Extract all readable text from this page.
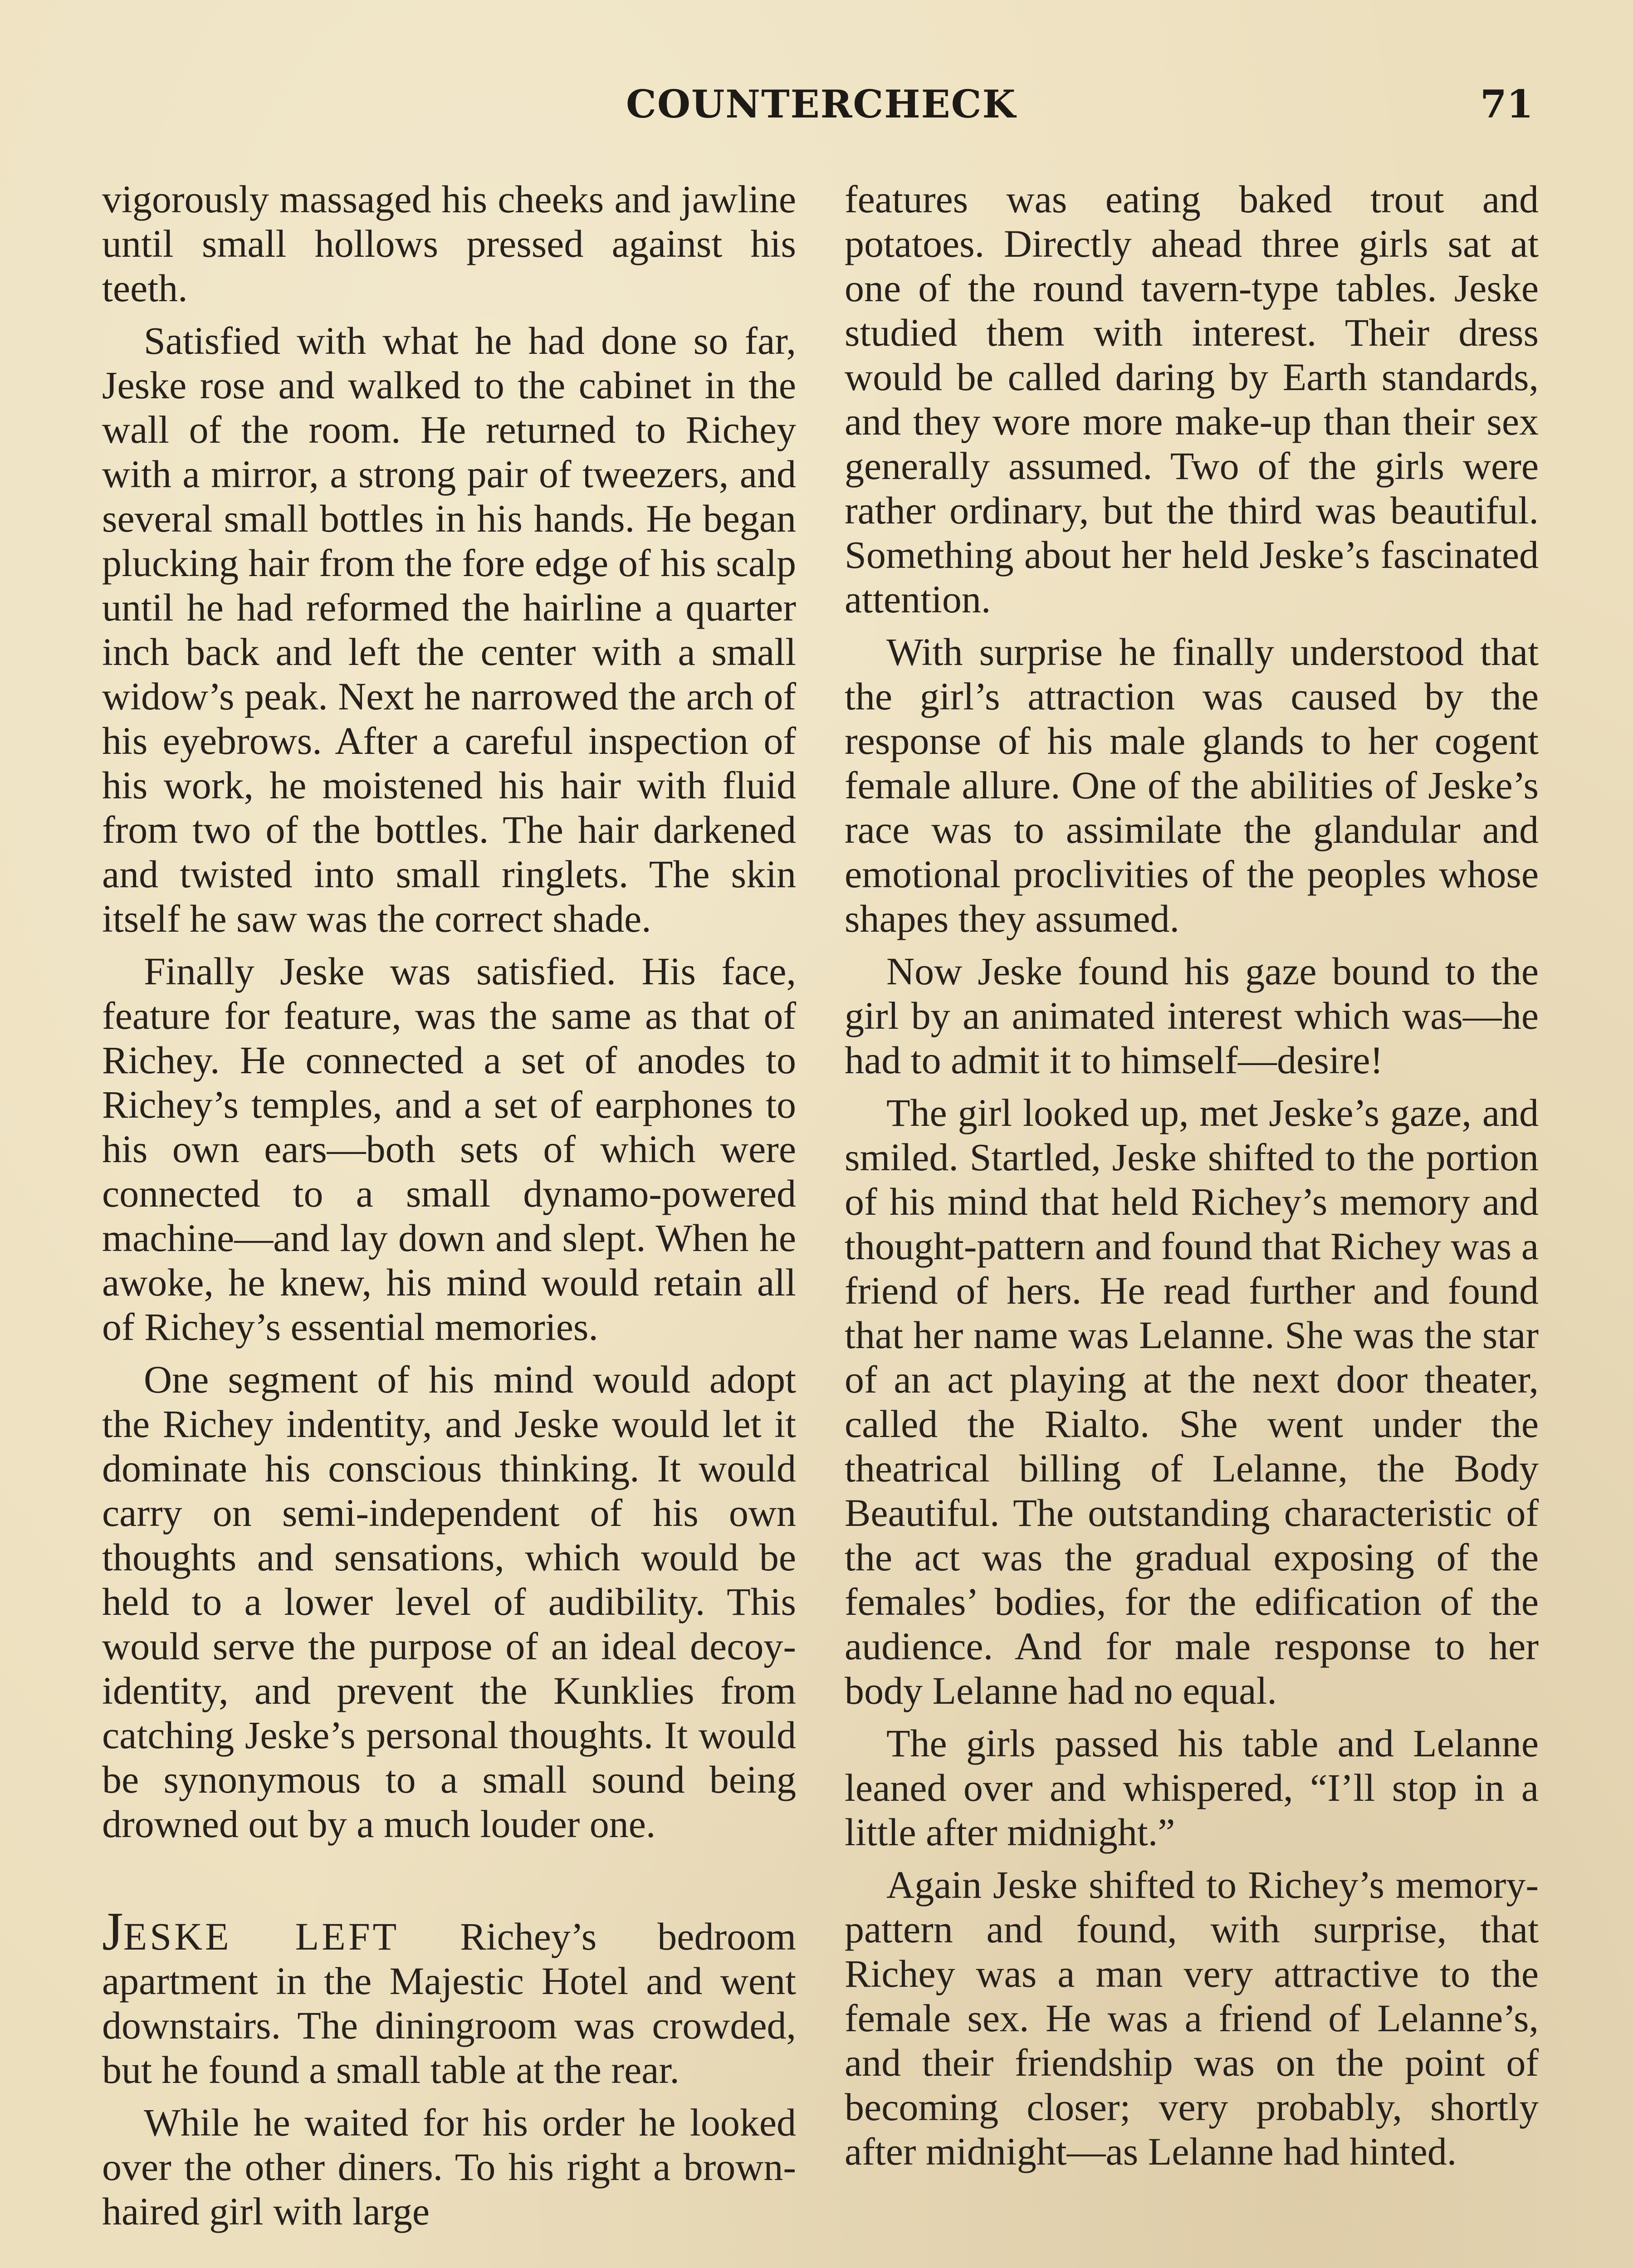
COUNTERCHECK	71

vigorously massaged his cheeks and jawline until small hollows pressed against his teeth.

Satisfied with what he had done so far, Jeske rose and walked to the cabinet in the wall of the room. He returned to Richey with a mirror, a strong pair of tweezers, and several small bottles in his hands. He began plucking hair from the fore edge of his scalp until he had reformed the hairline a quarter inch back and left the center with a small widow’s peak. Next he narrowed the arch of his eyebrows. After a careful inspection of his work, he moistened his hair with fluid from two of the bottles. The hair darkened and twisted into small ringlets. The skin itself he saw was the correct shade.

Finally Jeske was satisfied. His face, feature for feature, was the same as that of Richey. He connected a set of anodes to Richey’s temples, and a set of earphones to his own ears—both sets of which were connected to a small dynamo-powered machine—and lay down and slept. When he awoke, he knew, his mind would retain all of Richey’s essential memories.

One segment of his mind would adopt the Richey indentity, and Jeske would let it dominate his conscious thinking. It would carry on semi-independent of his own thoughts and sensations, which would be held to a lower level of audibility. This would serve the purpose of an ideal decoy-identity, and prevent the Kunklies from catching Jeske’s personal thoughts. It would be synonymous to a small sound being drowned out by a much louder one.

JESKE LEFT Richey’s bedroom apartment in the Majestic Hotel and went downstairs. The diningroom was crowded, but he found a small table at the rear.

While he waited for his order he looked over the other diners. To his right a brown-haired girl with large

features was eating baked trout and potatoes. Directly ahead three girls sat at one of the round tavern-type tables. Jeske studied them with interest. Their dress would be called daring by Earth standards, and they wore more make-up than their sex generally assumed. Two of the girls were rather ordinary, but the third was beautiful. Something about her held Jeske’s fascinated attention.

With surprise he finally understood that the girl’s attraction was caused by the response of his male glands to her cogent female allure. One of the abilities of Jeske’s race was to assimilate the glandular and emotional proclivities of the peoples whose shapes they assumed.

Now Jeske found his gaze bound to the girl by an animated interest which was—he had to admit it to himself—desire!

The girl looked up, met Jeske’s gaze, and smiled. Startled, Jeske shifted to the portion of his mind that held Richey’s memory and thought-pattern and found that Richey was a friend of hers. He read further and found that her name was Lelanne. She was the star of an act playing at the next door theater, called the Rialto. She went under the theatrical billing of Lelanne, the Body Beautiful. The outstanding characteristic of the act was the gradual exposing of the females’ bodies, for the edification of the audience. And for male response to her body Lelanne had no equal.

The girls passed his table and Lelanne leaned over and whispered, “I’ll stop in a little after midnight.”

Again Jeske shifted to Richey’s memory-pattern and found, with surprise, that Richey was a man very attractive to the female sex. He was a friend of Lelanne’s, and their friendship was on the point of becoming closer; very probably, shortly after midnight—as Lelanne had hinted.
